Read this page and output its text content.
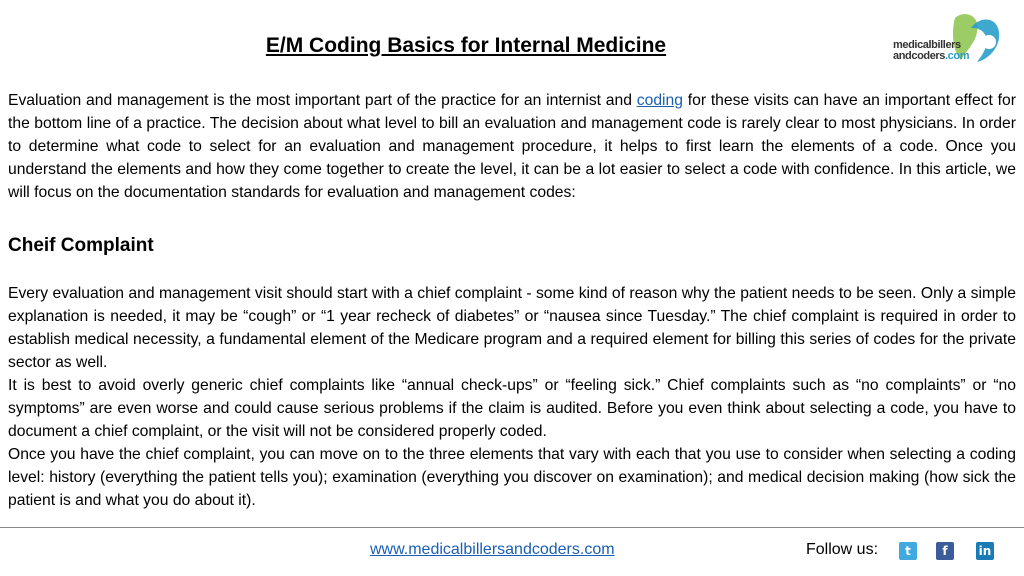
E/M Coding Basics for Internal Medicine	medicalbillers
andcoders.com

Evaluation and management is the most important part of the practice for an internist and coding for these visits can have an important effect for the bottom line of a practice. The decision about what level to bill an evaluation and management code is rarely clear to most physicians. In order to determine what code to select for an evaluation and management procedure, it helps to first learn the elements of a code. Once you understand the elements and how they come together to create the level, it can be a lot easier to select a code with confidence. In this article, we will focus on the documentation standards for evaluation and management codes:

Cheif Complaint

Every evaluation and management visit should start with a chief complaint - some kind of reason why the patient needs to be seen. Only a simple explanation is needed, it may be “cough” or “1 year recheck of diabetes” or “nausea since Tuesday.” The chief complaint is required in order to establish medical necessity, a fundamental element of the Medicare program and a required element for billing this series of codes for the private sector as well.

It is best to avoid overly generic chief complaints like “annual check-ups” or “feeling sick.” Chief complaints such as “no complaints” or “no symptoms” are even worse and could cause serious problems if the claim is audited. Before you even think about selecting a code, you have to document a chief complaint, or the visit will not be considered properly coded.

Once you have the chief complaint, you can move on to the three elements that vary with each that you use to consider when selecting a coding level: history (everything the patient tells you); examination (everything you discover on examination); and medical decision making (how sick the patient is and what you do about it).

www.medicalbillersandcoders.com	Follow us:	t	f	in
